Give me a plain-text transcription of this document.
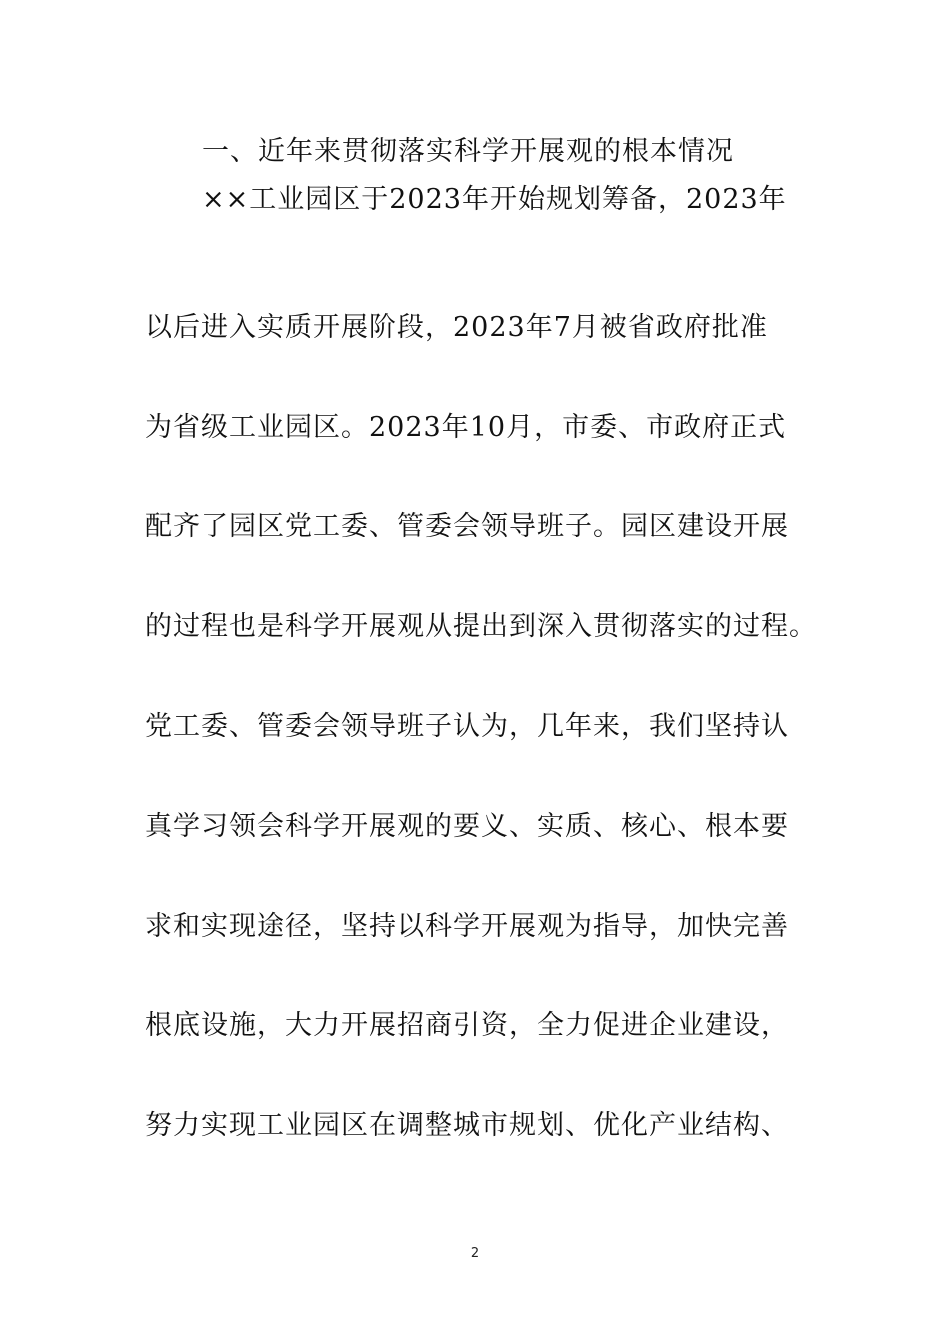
一、近年来贯彻落实科学开展观的根本情况
××工业园区于2023年开始规划筹备，2023年
以后进入实质开展阶段，2023年7月被省政府批准
为省级工业园区。2023年10月，市委、市政府正式
配齐了园区党工委、管委会领导班子。园区建设开展
的过程也是科学开展观从提出到深入贯彻落实的过程。
党工委、管委会领导班子认为，几年来，我们坚持认
真学习领会科学开展观的要义、实质、核心、根本要
求和实现途径，坚持以科学开展观为指导，加快完善
根底设施，大力开展招商引资，全力促进企业建设，
努力实现工业园区在调整城市规划、优化产业结构、
2
